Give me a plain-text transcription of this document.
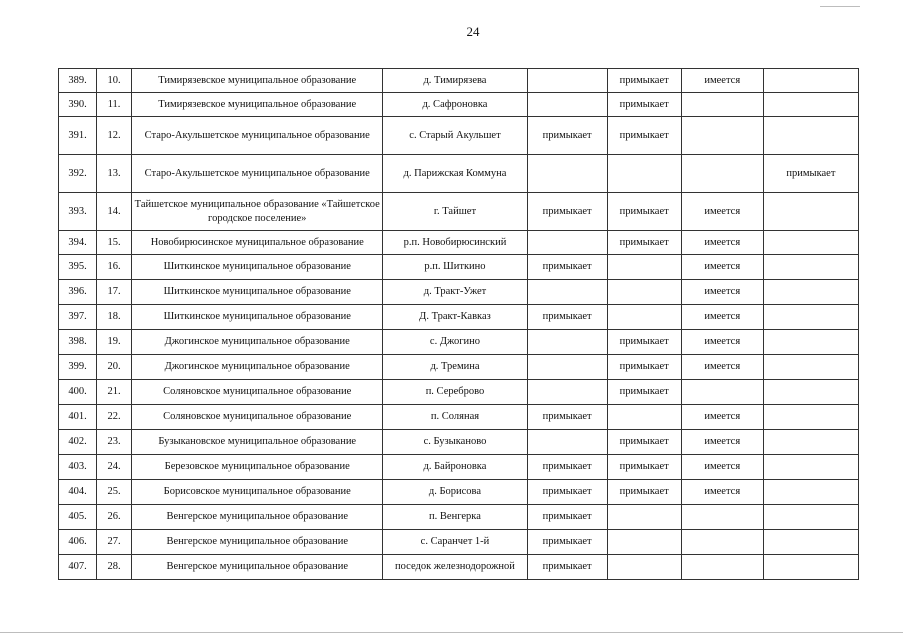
24
389.	10.	Тимирязевское муниципальное образование	д. Тимирязева		примыкает	имеется	
390.	11.	Тимирязевское муниципальное образование	д. Сафроновка		примыкает		
391.	12.	Старо-Акульшетское муниципальное образование	с. Старый Акульшет	примыкает	примыкает		
392.	13.	Старо-Акульшетское муниципальное образование	д. Парижская Коммуна				примыкает
393.	14.	Тайшетское муниципальное образование «Тайшетское городское поселение»	г. Тайшет	примыкает	примыкает	имеется	
394.	15.	Новобирюсинское муниципальное образование	р.п. Новобирюсинский		примыкает	имеется	
395.	16.	Шиткинское муниципальное образование	р.п. Шиткино	примыкает		имеется	
396.	17.	Шиткинское муниципальное образование	д. Тракт-Ужет			имеется	
397.	18.	Шиткинское муниципальное образование	Д. Тракт-Кавказ	примыкает		имеется	
398.	19.	Джогинское муниципальное образование	с. Джогино		примыкает	имеется	
399.	20.	Джогинское муниципальное образование	д. Тремина		примыкает	имеется	
400.	21.	Соляновское муниципальное образование	п. Сереброво		примыкает		
401.	22.	Соляновское муниципальное образование	п. Соляная	примыкает		имеется	
402.	23.	Бузыкановское муниципальное образование	с. Бузыканово		примыкает	имеется	
403.	24.	Березовское муниципальное образование	д. Байроновка	примыкает	примыкает	имеется	
404.	25.	Борисовское муниципальное образование	д. Борисова	примыкает	примыкает	имеется	
405.	26.	Венгерское муниципальное образование	п. Венгерка	примыкает			
406.	27.	Венгерское муниципальное образование	с. Саранчет 1-й	примыкает			
407.	28.	Венгерское муниципальное образование	поседок железнодорожной	примыкает			
